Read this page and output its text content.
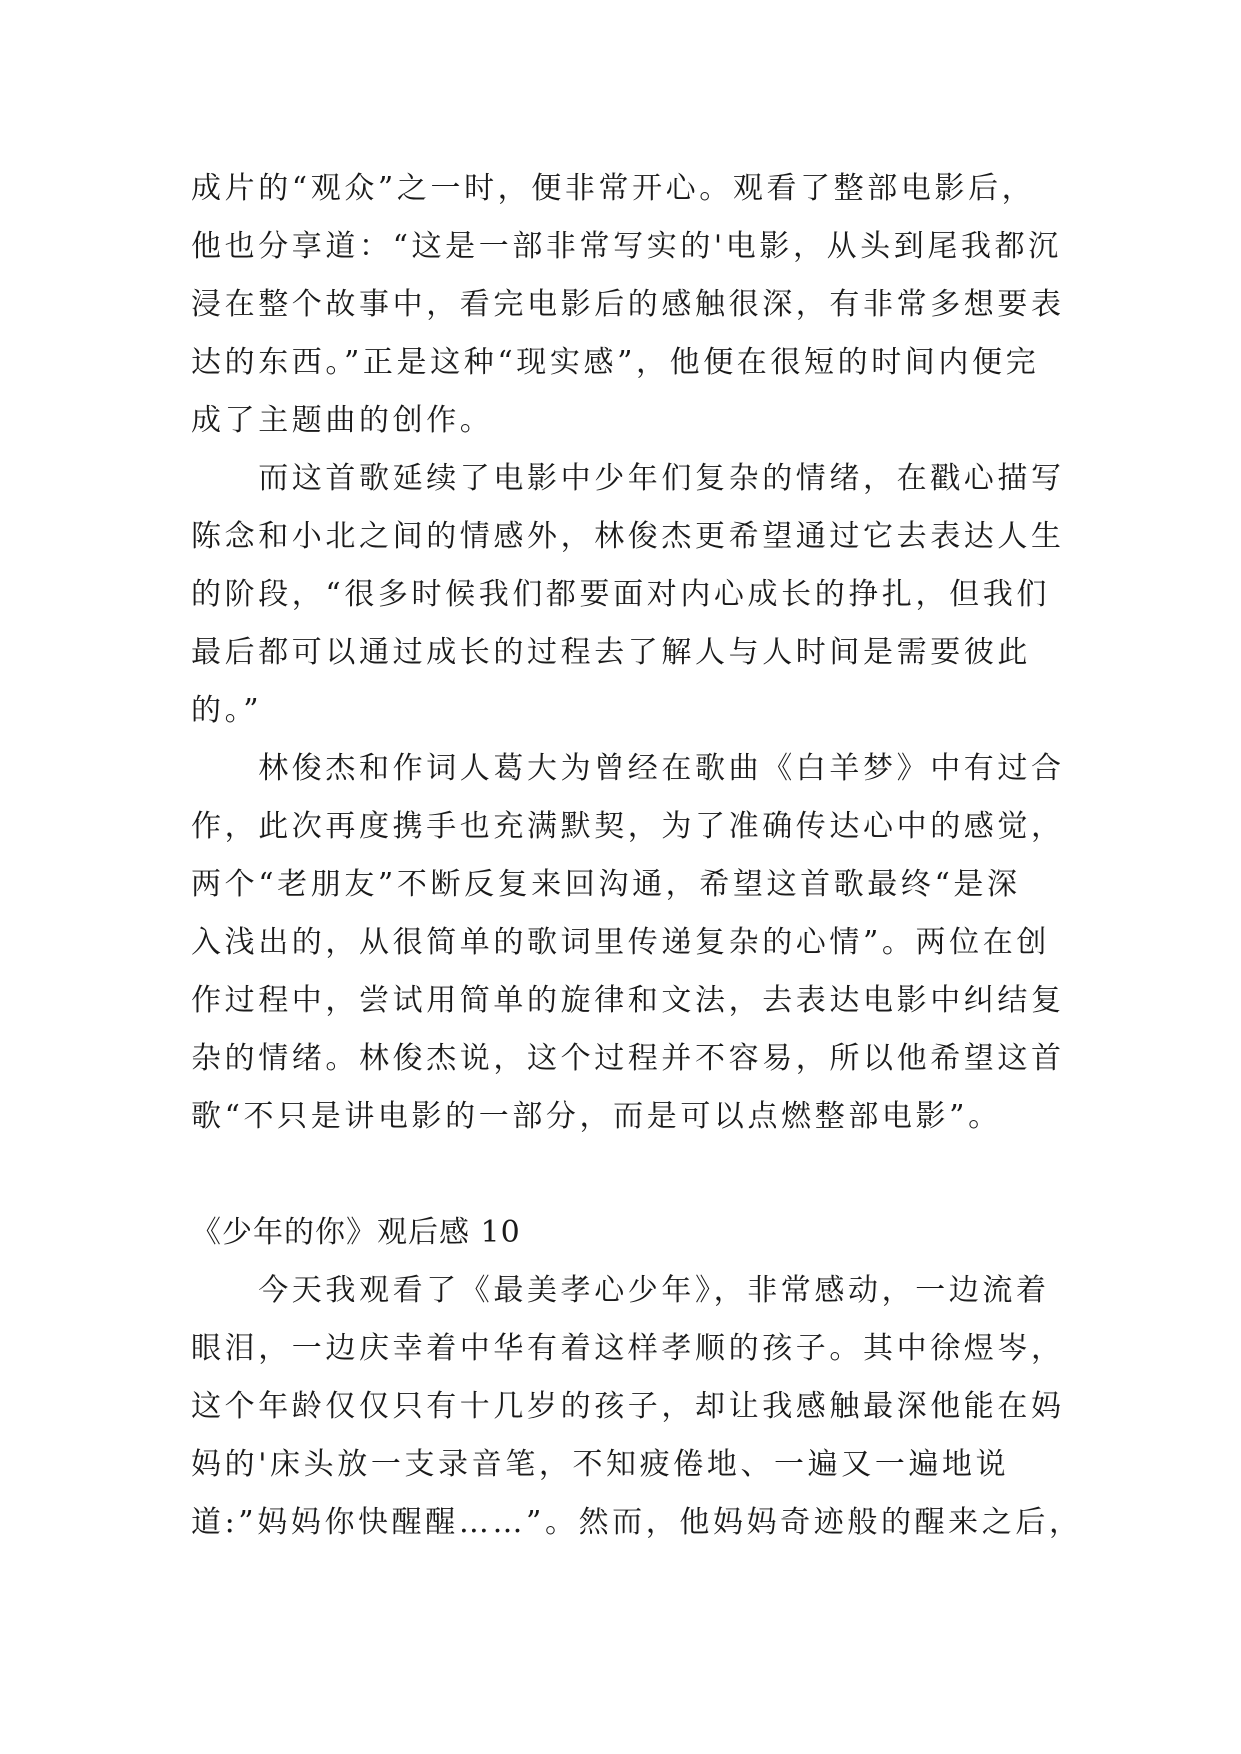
成片的“观众”之一时，便非常开心。观看了整部电影后，
他也分享道：“这是一部非常写实的'电影，从头到尾我都沉
浸在整个故事中，看完电影后的感触很深，有非常多想要表
达的东西。”正是这种“现实感”，他便在很短的时间内便完
成了主题曲的创作。
　　而这首歌延续了电影中少年们复杂的情绪，在戳心描写
陈念和小北之间的情感外，林俊杰更希望通过它去表达人生
的阶段，“很多时候我们都要面对内心成长的挣扎，但我们
最后都可以通过成长的过程去了解人与人时间是需要彼此
的。”
　　林俊杰和作词人葛大为曾经在歌曲《白羊梦》中有过合
作，此次再度携手也充满默契，为了准确传达心中的感觉，
两个“老朋友”不断反复来回沟通，希望这首歌最终“是深
入浅出的，从很简单的歌词里传递复杂的心情”。两位在创
作过程中，尝试用简单的旋律和文法，去表达电影中纠结复
杂的情绪。林俊杰说，这个过程并不容易，所以他希望这首
歌“不只是讲电影的一部分，而是可以点燃整部电影”。
《少年的你》观后感 10
　　今天我观看了《最美孝心少年》，非常感动，一边流着
眼泪，一边庆幸着中华有着这样孝顺的孩子。其中徐煜岑，
这个年龄仅仅只有十几岁的孩子，却让我感触最深他能在妈
妈的'床头放一支录音笔，不知疲倦地、一遍又一遍地说
道:”妈妈你快醒醒……”。然而，他妈妈奇迹般的醒来之后，
